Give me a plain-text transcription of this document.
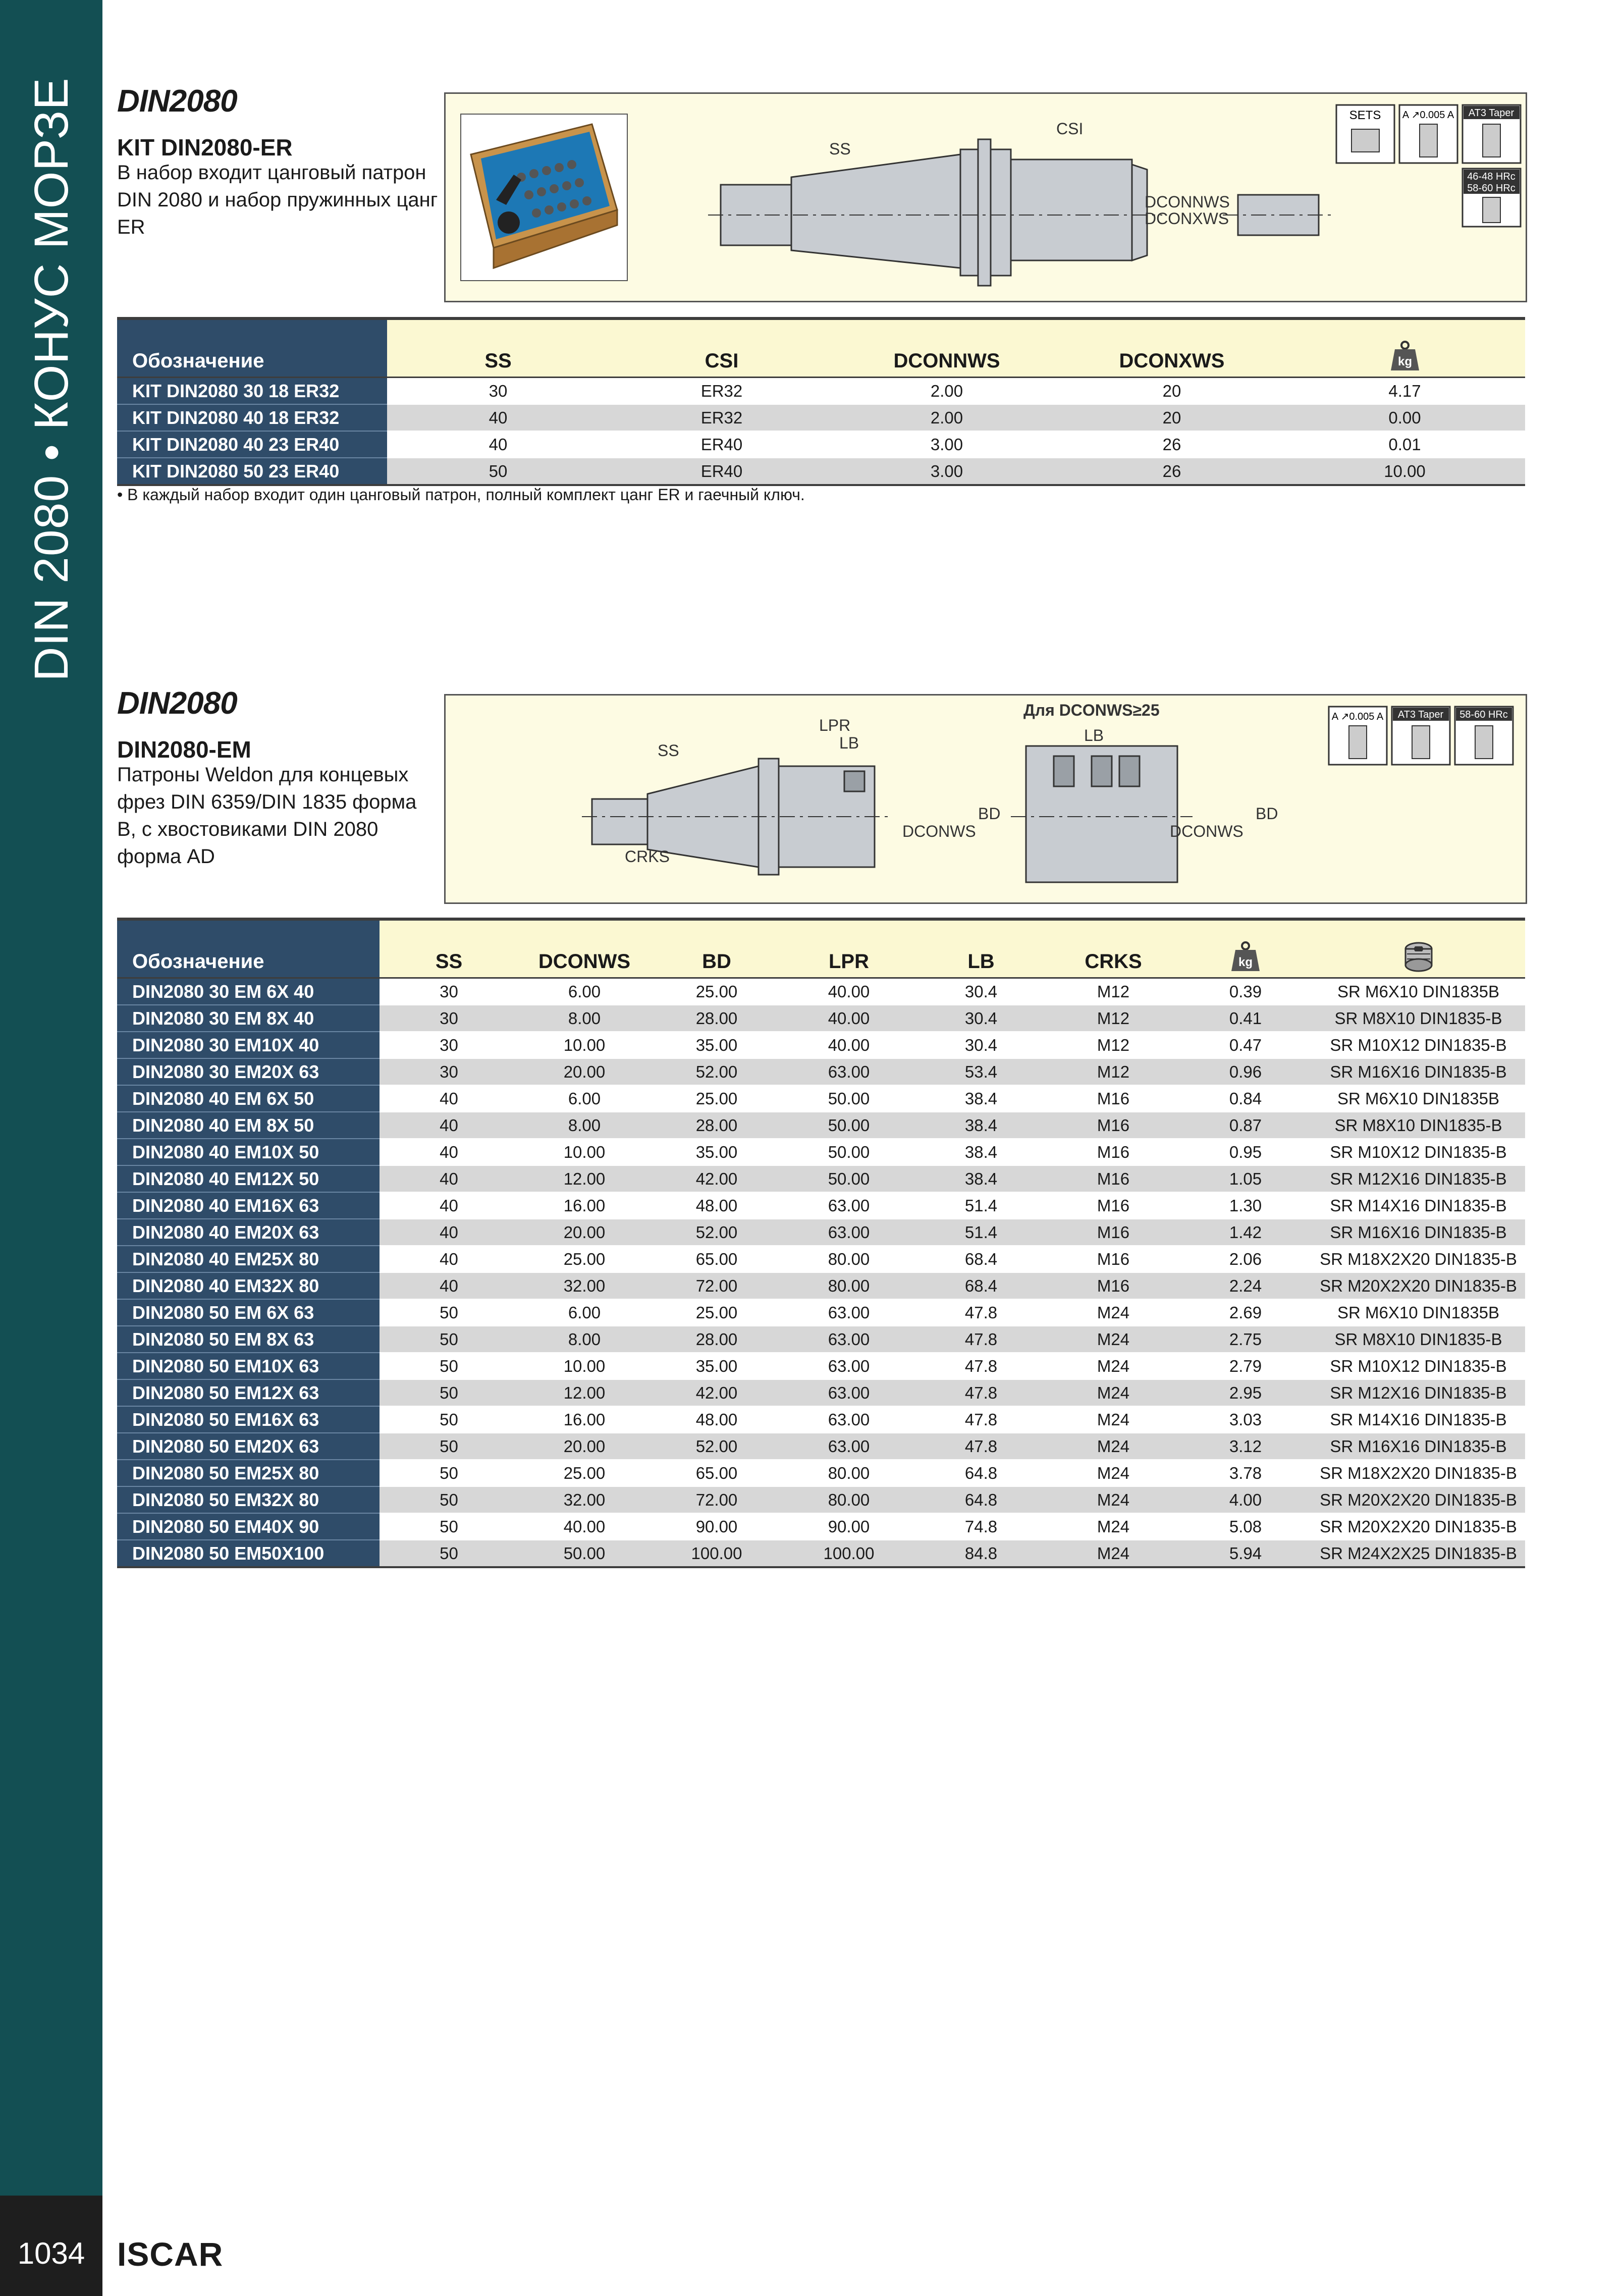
DIN 2080 • КОНУС МОРЗЕ
1034 ISCAR
DIN2080
KIT DIN2080-ER
В набор входит цанговый патрон DIN 2080 и набор пружинных цанг ER
SS
CSI
DCONNWS
DCONXWS
SETS A ↗0.005 A AT3 Taper
46-48 HRc
58-60 HRc
Обозначение	SS	CSI	DCONNWS	DCONXWS	kg

KIT DIN2080 30 18 ER32	30	ER32	2.00	20	4.17
KIT DIN2080 40 18 ER32	40	ER32	2.00	20	0.00
KIT DIN2080 40 23 ER40	40	ER40	3.00	26	0.01
KIT DIN2080 50 23 ER40	50	ER40	3.00	26	10.00
• В каждый набор входит один цанговый патрон, полный комплект цанг ER и гаечный ключ.
DIN2080
DIN2080-EM
Патроны Weldon для концевых фрез DIN 6359/DIN 1835 форма B, с хвостовиками DIN 2080 форма AD
SS
LPR
LB
CRKS
DCONWS
BD
Для DCONWS≥25
LB
DCONWS
BD
A ↗0.005 A AT3 Taper 58-60 HRc
Обозначение	SS	DCONWS	BD	LPR	LB	CRKS	kg

DIN2080 30 EM 6X 40	30	6.00	25.00	40.00	30.4	M12	0.39	SR M6X10 DIN1835B
DIN2080 30 EM 8X 40	30	8.00	28.00	40.00	30.4	M12	0.41	SR M8X10 DIN1835-B
DIN2080 30 EM10X 40	30	10.00	35.00	40.00	30.4	M12	0.47	SR M10X12 DIN1835-B
DIN2080 30 EM20X 63	30	20.00	52.00	63.00	53.4	M12	0.96	SR M16X16 DIN1835-B
DIN2080 40 EM 6X 50	40	6.00	25.00	50.00	38.4	M16	0.84	SR M6X10 DIN1835B
DIN2080 40 EM 8X 50	40	8.00	28.00	50.00	38.4	M16	0.87	SR M8X10 DIN1835-B
DIN2080 40 EM10X 50	40	10.00	35.00	50.00	38.4	M16	0.95	SR M10X12 DIN1835-B
DIN2080 40 EM12X 50	40	12.00	42.00	50.00	38.4	M16	1.05	SR M12X16 DIN1835-B
DIN2080 40 EM16X 63	40	16.00	48.00	63.00	51.4	M16	1.30	SR M14X16 DIN1835-B
DIN2080 40 EM20X 63	40	20.00	52.00	63.00	51.4	M16	1.42	SR M16X16 DIN1835-B
DIN2080 40 EM25X 80	40	25.00	65.00	80.00	68.4	M16	2.06	SR M18X2X20 DIN1835-B
DIN2080 40 EM32X 80	40	32.00	72.00	80.00	68.4	M16	2.24	SR M20X2X20 DIN1835-B
DIN2080 50 EM 6X 63	50	6.00	25.00	63.00	47.8	M24	2.69	SR M6X10 DIN1835B
DIN2080 50 EM 8X 63	50	8.00	28.00	63.00	47.8	M24	2.75	SR M8X10 DIN1835-B
DIN2080 50 EM10X 63	50	10.00	35.00	63.00	47.8	M24	2.79	SR M10X12 DIN1835-B
DIN2080 50 EM12X 63	50	12.00	42.00	63.00	47.8	M24	2.95	SR M12X16 DIN1835-B
DIN2080 50 EM16X 63	50	16.00	48.00	63.00	47.8	M24	3.03	SR M14X16 DIN1835-B
DIN2080 50 EM20X 63	50	20.00	52.00	63.00	47.8	M24	3.12	SR M16X16 DIN1835-B
DIN2080 50 EM25X 80	50	25.00	65.00	80.00	64.8	M24	3.78	SR M18X2X20 DIN1835-B
DIN2080 50 EM32X 80	50	32.00	72.00	80.00	64.8	M24	4.00	SR M20X2X20 DIN1835-B
DIN2080 50 EM40X 90	50	40.00	90.00	90.00	74.8	M24	5.08	SR M20X2X20 DIN1835-B
DIN2080 50 EM50X100	50	50.00	100.00	100.00	84.8	M24	5.94	SR M24X2X25 DIN1835-B
